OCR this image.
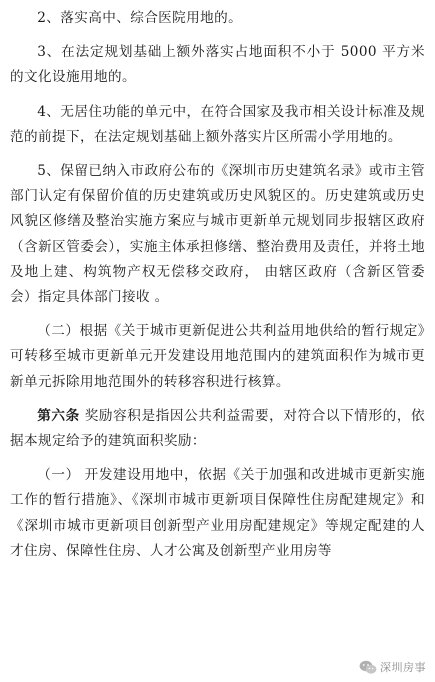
2、落实高中、综合医院用地的。

3、在法定规划基础上额外落实占地面积不小于 5000 平方米的文化设施用地的。

4、无居住功能的单元中，在符合国家及我市相关设计标准及规范的前提下，在法定规划基础上额外落实片区所需小学用地的。

5、保留已纳入市政府公布的《深圳市历史建筑名录》或市主管部门认定有保留价值的历史建筑或历史风貌区的。历史建筑或历史风貌区修缮及整治实施方案应与城市更新单元规划同步报辖区政府（含新区管委会），实施主体承担修缮、整治费用及责任，并将土地及地上建、构筑物产权无偿移交政府， 由辖区政府（含新区管委会）指定具体部门接收 。

（二）根据《关于城市更新促进公共利益用地供给的暂行规定》可转移至城市更新单元开发建设用地范围内的建筑面积作为城市更新单元拆除用地范围外的转移容积进行核算。

第六条 奖励容积是指因公共利益需要，对符合以下情形的，依据本规定给予的建筑面积奖励：

（一） 开发建设用地中，依据《关于加强和改进城市更新实施工作的暂行措施》、《深圳市城市更新项目保障性住房配建规定》和《深圳市城市更新项目创新型产业用房配建规定》等规定配建的人才住房、保障性住房、人才公寓及创新型产业用房等

深圳房事
